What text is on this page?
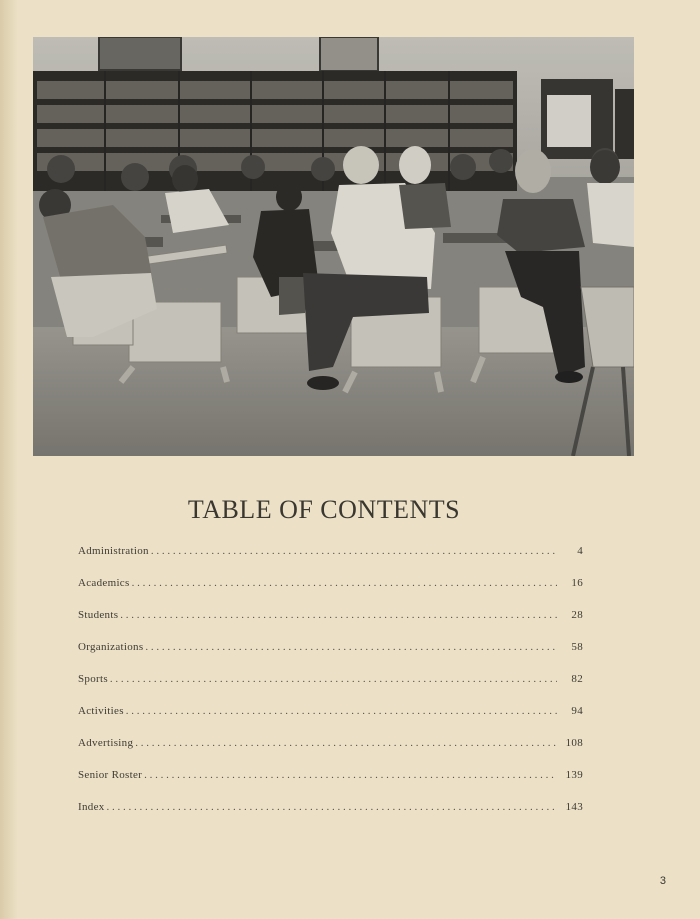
TABLE OF CONTENTS
Administration . . .	4
Academics . . .	16
Students . . .	28
Organizations . . .	58
Sports . . .	82
Activities . . .	94
Advertising . . .	108
Senior Roster . . .	139
Index . . .	143
3
